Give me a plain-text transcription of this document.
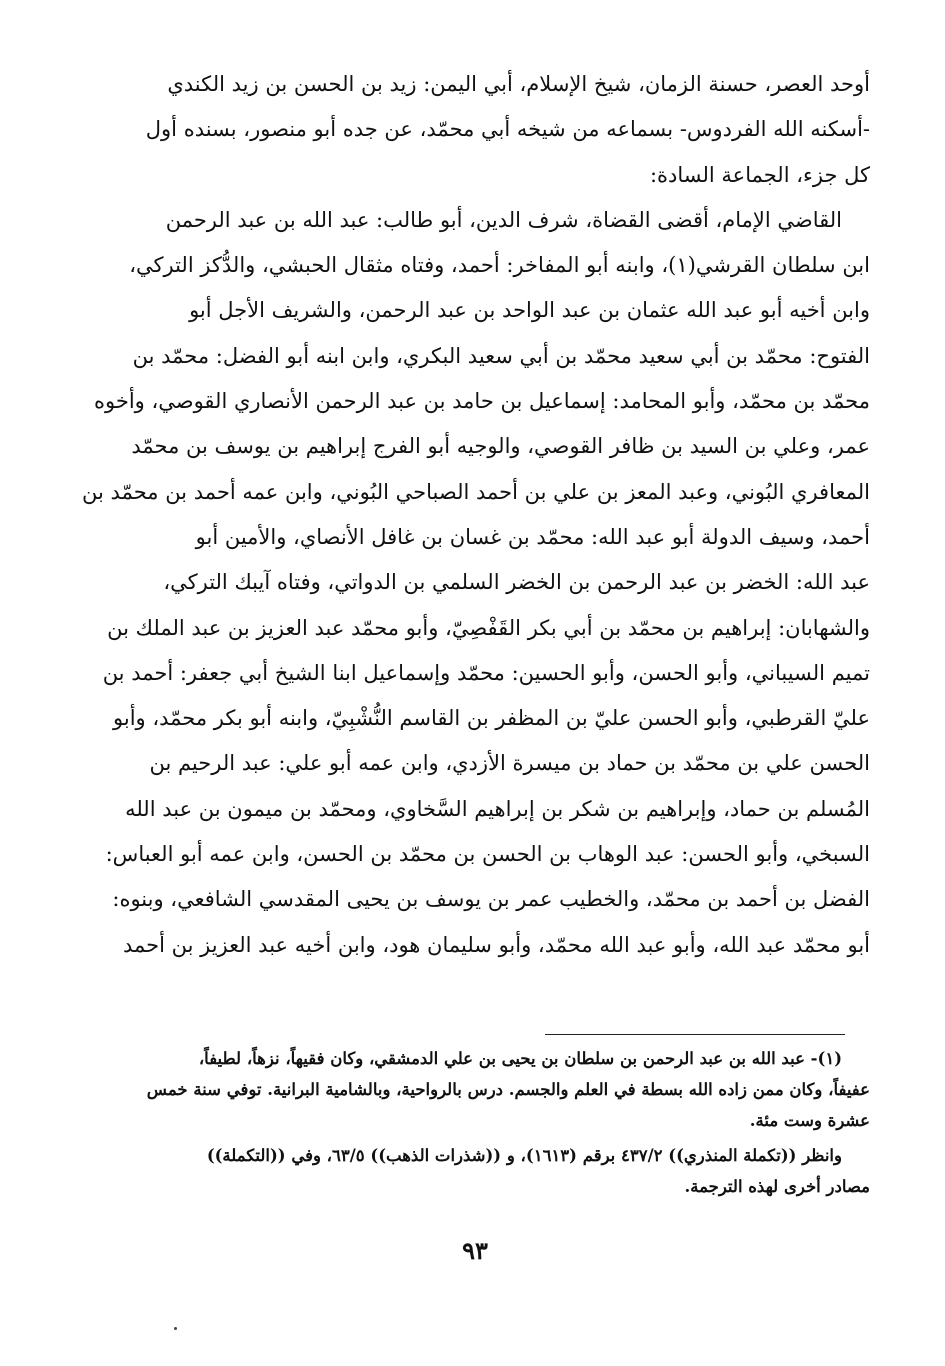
أوحد العصر، حسنة الزمان، شيخ الإسلام، أبي اليمن: زيد بن الحسن بن زيد الكندي
-أسكنه الله الفردوس- بسماعه من شيخه أبي محمّد، عن جده أبو منصور، بسنده أول
كل جزء، الجماعة السادة:
القاضي الإمام، أقضى القضاة، شرف الدين، أبو طالب: عبد الله بن عبد الرحمن
ابن سلطان القرشي(١)، وابنه أبو المفاخر: أحمد، وفتاه مثقال الحبشي، والدُّكز التركي،
وابن أخيه أبو عبد الله عثمان بن عبد الواحد بن عبد الرحمن، والشريف الأجل أبو
الفتوح: محمّد بن أبي سعيد محمّد بن أبي سعيد البكري، وابن ابنه أبو الفضل: محمّد بن
محمّد بن محمّد، وأبو المحامد: إسماعيل بن حامد بن عبد الرحمن الأنصاري القوصي، وأخوه
عمر، وعلي بن السيد بن ظافر القوصي، والوجيه أبو الفرج إبراهيم بن يوسف بن محمّد
المعافري البُوني، وعبد المعز بن علي بن أحمد الصباحي البُوني، وابن عمه أحمد بن محمّد بن
أحمد، وسيف الدولة أبو عبد الله: محمّد بن غسان بن غافل الأنصاي، والأمين أبو
عبد الله: الخضر بن عبد الرحمن بن الخضر السلمي بن الدواتي، وفتاه آيبك التركي،
والشهابان: إبراهيم بن محمّد بن أبي بكر القَفْصِيّ، وأبو محمّد عبد العزيز بن عبد الملك بن
تميم السيباني، وأبو الحسن، وأبو الحسين: محمّد وإسماعيل ابنا الشيخ أبي جعفر: أحمد بن
عليّ القرطبي، وأبو الحسن عليّ بن المظفر بن القاسم النُّشْبِيّ، وابنه أبو بكر محمّد، وأبو
الحسن علي بن محمّد بن حماد بن ميسرة الأزدي، وابن عمه أبو علي: عبد الرحيم بن
المُسلم بن حماد، وإبراهيم بن شكر بن إبراهيم السَّخاوي، ومحمّد بن ميمون بن عبد الله
السبخي، وأبو الحسن: عبد الوهاب بن الحسن بن محمّد بن الحسن، وابن عمه أبو العباس:
الفضل بن أحمد بن محمّد، والخطيب عمر بن يوسف بن يحيى المقدسي الشافعي، وبنوه:
أبو محمّد عبد الله، وأبو عبد الله محمّد، وأبو سليمان هود، وابن أخيه عبد العزيز بن أحمد
(١)- عبد الله بن عبد الرحمن بن سلطان بن يحيى بن علي الدمشقي، وكان فقيهاً، نزهاً، لطيفاً،
عفيفاً، وكان ممن زاده الله بسطة في العلم والجسم. درس بالرواحية، وبالشامية البرانية. توفي سنة خمس
عشرة وست مئة.
وانظر ((تكملة المنذري)) ٤٣٧/٢ برقم (١٦١٣)، و ((شذرات الذهب)) ٦٣/٥، وفي ((التكملة))
مصادر أخرى لهذه الترجمة.
٩٣
